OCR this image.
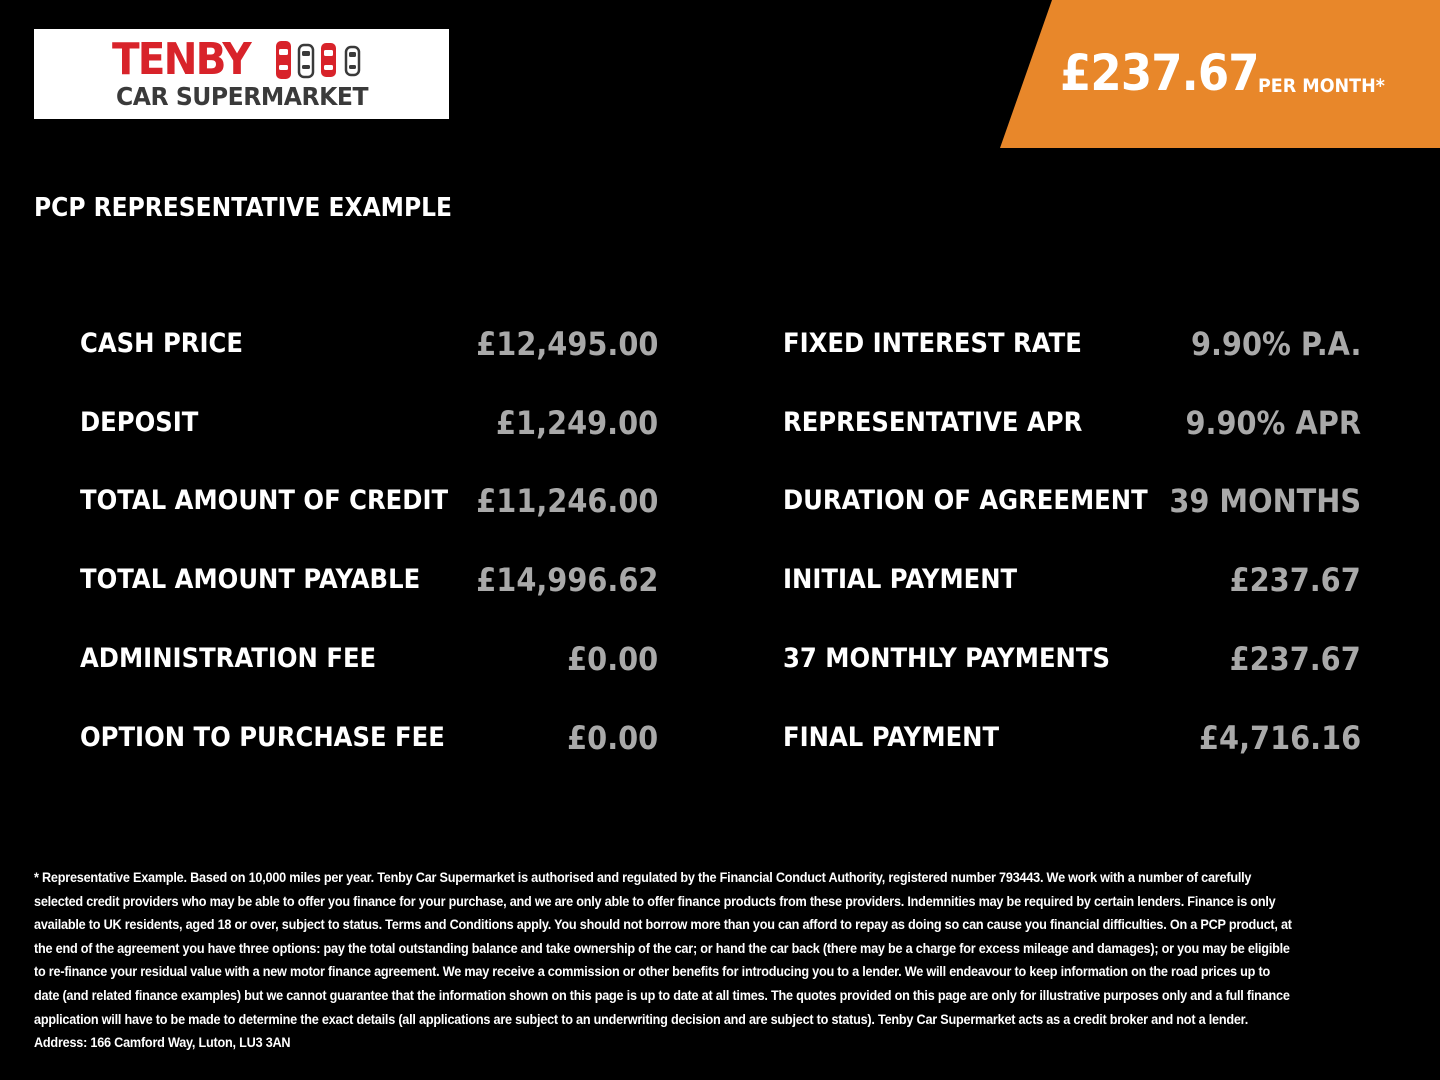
TENBY
CAR SUPERMARKET	£237.67 PER MONTH*
PCP REPRESENTATIVE EXAMPLE
CASH PRICE	£12,495.00
DEPOSIT	£1,249.00
TOTAL AMOUNT OF CREDIT £11,246.00
TOTAL AMOUNT PAYABLE £14,996.62
ADMINISTRATION FEE	£0.00
OPTION TO PURCHASE FEE	£0.00
FIXED INTEREST RATE	9.90% P.A.
REPRESENTATIVE APR	9.90% APR
DURATION OF AGREEMENT 39 MONTHS
INITIAL PAYMENT	£237.67
37 MONTHLY PAYMENTS	£237.67
FINAL PAYMENT	£4,716.16
* Representative Example. Based on 10,000 miles per year. Tenby Car Supermarket is authorised and regulated by the Financial Conduct Authority, registered number 793443. We work with a number of carefully selected credit providers who may be able to offer you finance for your purchase, and we are only able to offer finance products from these providers. Indemnities may be required by certain lenders. Finance is only available to UK residents, aged 18 or over, subject to status. Terms and Conditions apply. You should not borrow more than you can afford to repay as doing so can cause you financial difficulties. On a PCP product, at the end of the agreement you have three options: pay the total outstanding balance and take ownership of the car; or hand the car back (there may be a charge for excess mileage and damages); or you may be eligible to re-finance your residual value with a new motor finance agreement. We may receive a commission or other benefits for introducing you to a lender. We will endeavour to keep information on the road prices up to date (and related finance examples) but we cannot guarantee that the information shown on this page is up to date at all times. The quotes provided on this page are only for illustrative purposes only and a full finance application will have to be made to determine the exact details (all applications are subject to an underwriting decision and are subject to status). Tenby Car Supermarket acts as a credit broker and not a lender. Address: 166 Camford Way, Luton, LU3 3AN
